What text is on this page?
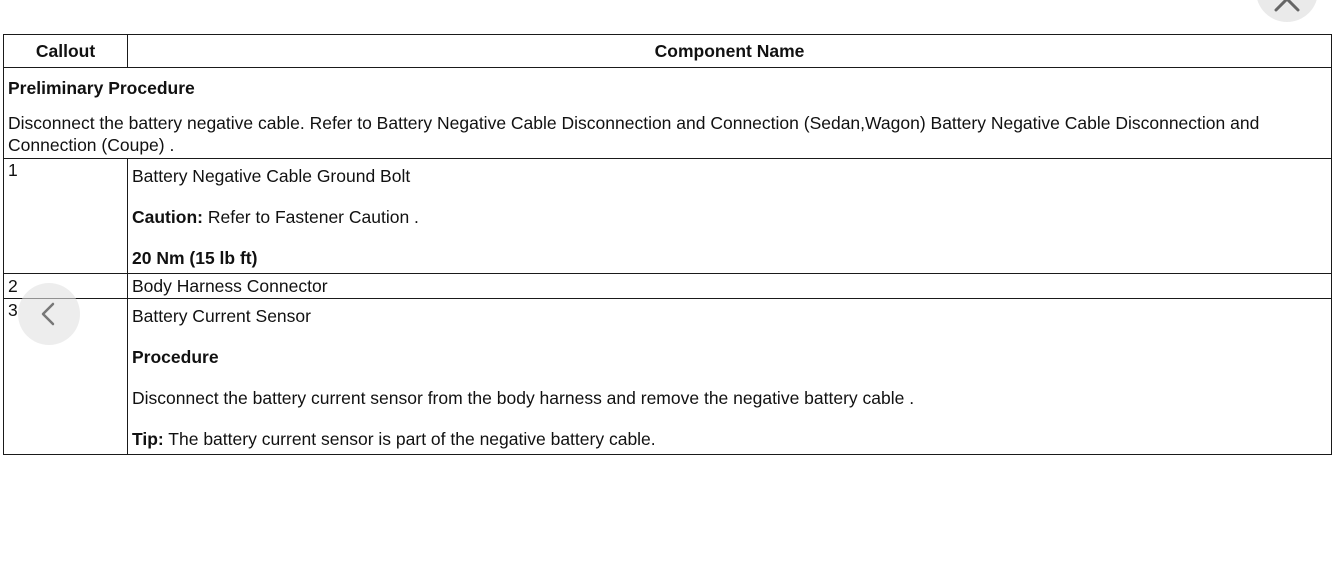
Callout	Component Name

Preliminary Procedure
Disconnect the battery negative cable. Refer to Battery Negative Cable Disconnection and Connection (Sedan,Wagon) Battery Negative Cable Disconnection and Connection (Coupe) .	

1	Battery Negative Cable Ground Bolt
Caution: Refer to Fastener Caution .
20 Nm (15 lb ft)

2	Body Harness Connector
3	Battery Current Sensor
Procedure
Disconnect the battery current sensor from the body harness and remove the negative battery cable .
Tip: The battery current sensor is part of the negative battery cable.
